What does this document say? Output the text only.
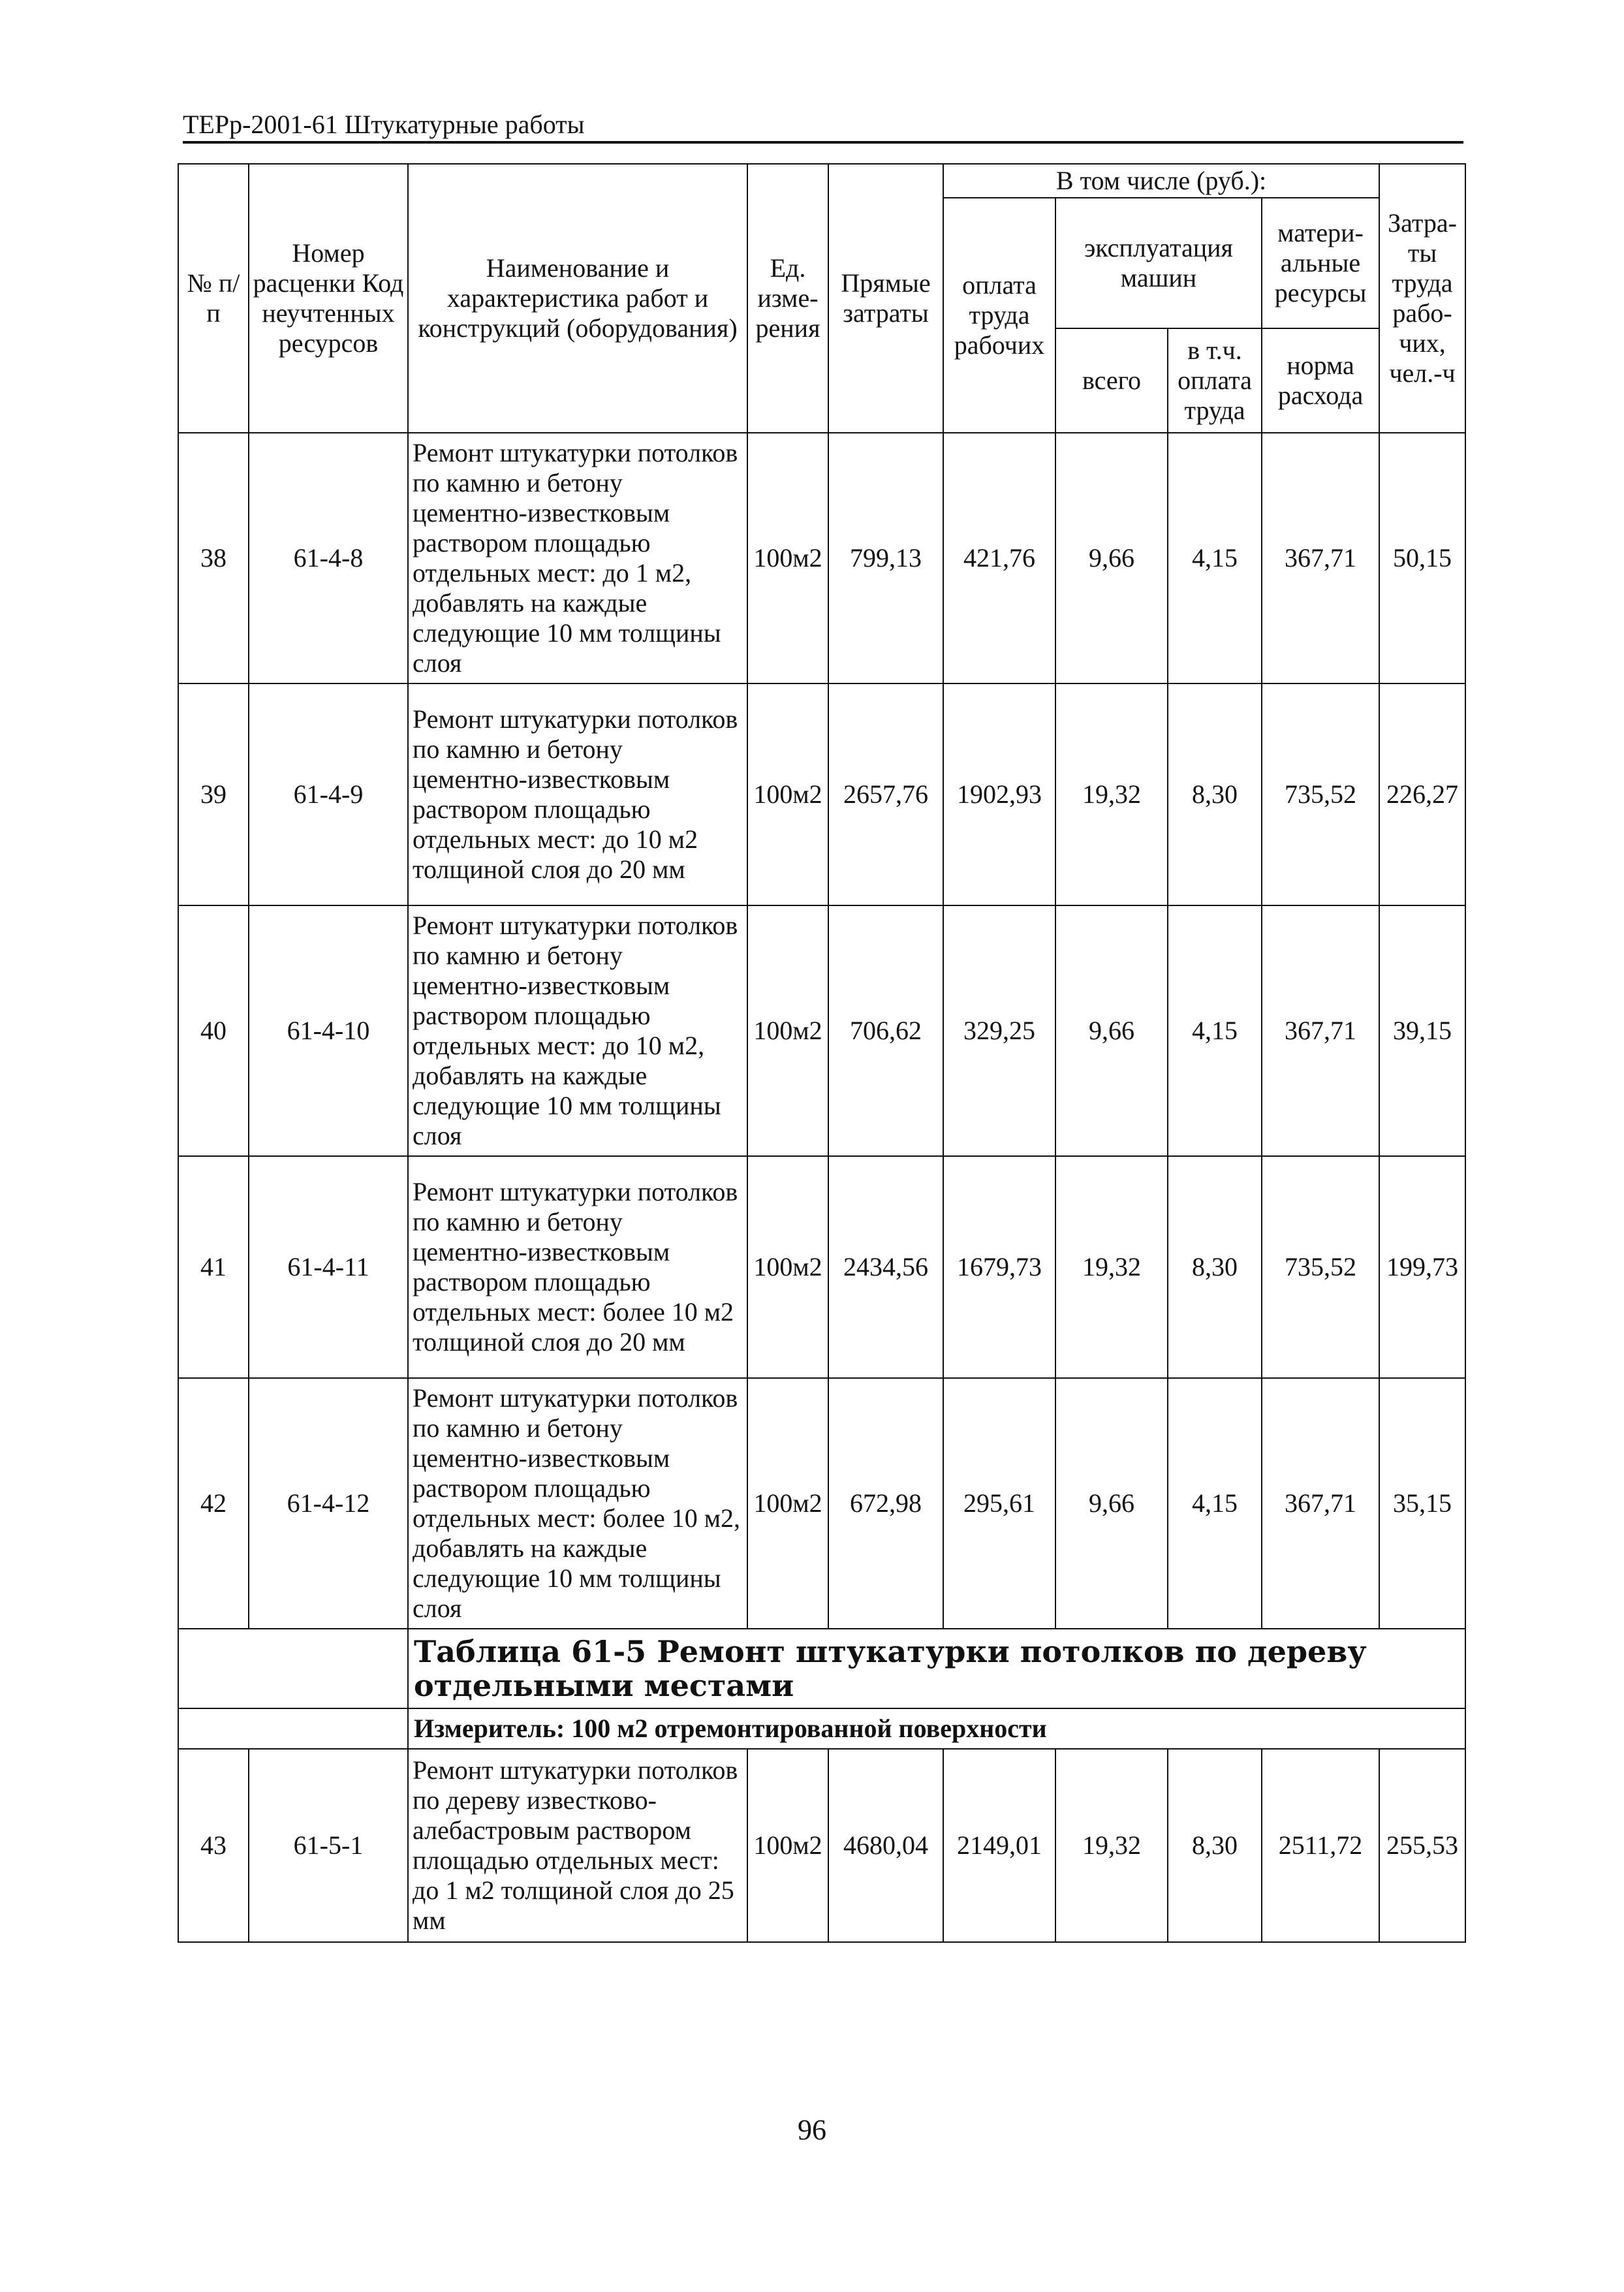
ТЕРр-2001-61 Штукатурные работы
№ п/п	Номер расценки Код неучтенных ресурсов	Наименование и характеристика работ и конструкций (оборудования)	Ед. изме- рения	Прямые затраты	В том числе (руб.):				Затра- ты труда рабо- чих, чел.-ч
					оплата труда рабочих	эксплуатация машин		матери- альные ресурсы	
						всего	в т.ч. оплата труда	норма расхода	
38	61-4-8	Ремонт штукатурки потолков по камню и бетону цементно-известковым раствором площадью отдельных мест: до 1 м2, добавлять на каждые следующие 10 мм толщины слоя	100м2	799,13	421,76	9,66	4,15	367,71	50,15
39	61-4-9	Ремонт штукатурки потолков по камню и бетону цементно-известковым раствором площадью отдельных мест: до 10 м2 толщиной слоя до 20 мм	100м2	2657,76	1902,93	19,32	8,30	735,52	226,27
40	61-4-10	Ремонт штукатурки потолков по камню и бетону цементно-известковым раствором площадью отдельных мест: до 10 м2, добавлять на каждые следующие 10 мм толщины слоя	100м2	706,62	329,25	9,66	4,15	367,71	39,15
41	61-4-11	Ремонт штукатурки потолков по камню и бетону цементно-известковым раствором площадью отдельных мест: более 10 м2 толщиной слоя до 20 мм	100м2	2434,56	1679,73	19,32	8,30	735,52	199,73
42	61-4-12	Ремонт штукатурки потолков по камню и бетону цементно-известковым раствором площадью отдельных мест: более 10 м2, добавлять на каждые следующие 10 мм толщины слоя	100м2	672,98	295,61	9,66	4,15	367,71	35,15
		Таблица 61-5 Ремонт штукатурки потолков по дереву отдельными местами							
		Измеритель: 100 м2 отремонтированной поверхности							
43	61-5-1	Ремонт штукатурки потолков по дереву известково-алебастровым раствором площадью отдельных мест: до 1 м2 толщиной слоя до 25 мм	100м2	4680,04	2149,01	19,32	8,30	2511,72	255,53
96
